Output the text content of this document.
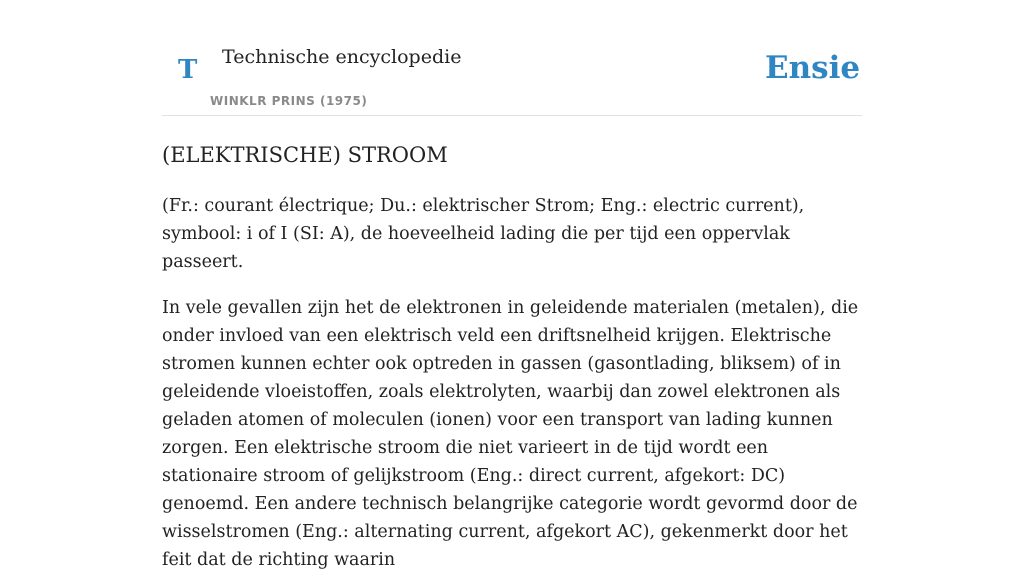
T Technische encyclopedie
WINKLR PRINS (1975)
Ensie
(ELEKTRISCHE) STROOM

(Fr.: courant électrique; Du.: elektrischer Strom; Eng.: electric current), symbool: i of I (SI: A), de hoeveelheid lading die per tijd een oppervlak passeert.

In vele gevallen zijn het de elektronen in geleidende materialen (metalen), die onder invloed van een elektrisch veld een driftsnelheid krijgen. Elektrische stromen kunnen echter ook optreden in gassen (gasontlading, bliksem) of in geleidende vloeistoffen, zoals elektrolyten, waarbij dan zowel elektronen als geladen atomen of moleculen (ionen) voor een transport van lading kunnen zorgen. Een elektrische stroom die niet varieert in de tijd wordt een stationaire stroom of gelijkstroom (Eng.: direct current, afgekort: DC) genoemd. Een andere technisch belangrijke categorie wordt gevormd door de wisselstromen (Eng.: alternating current, afgekort AC), gekenmerkt door het feit dat de richting waarin
